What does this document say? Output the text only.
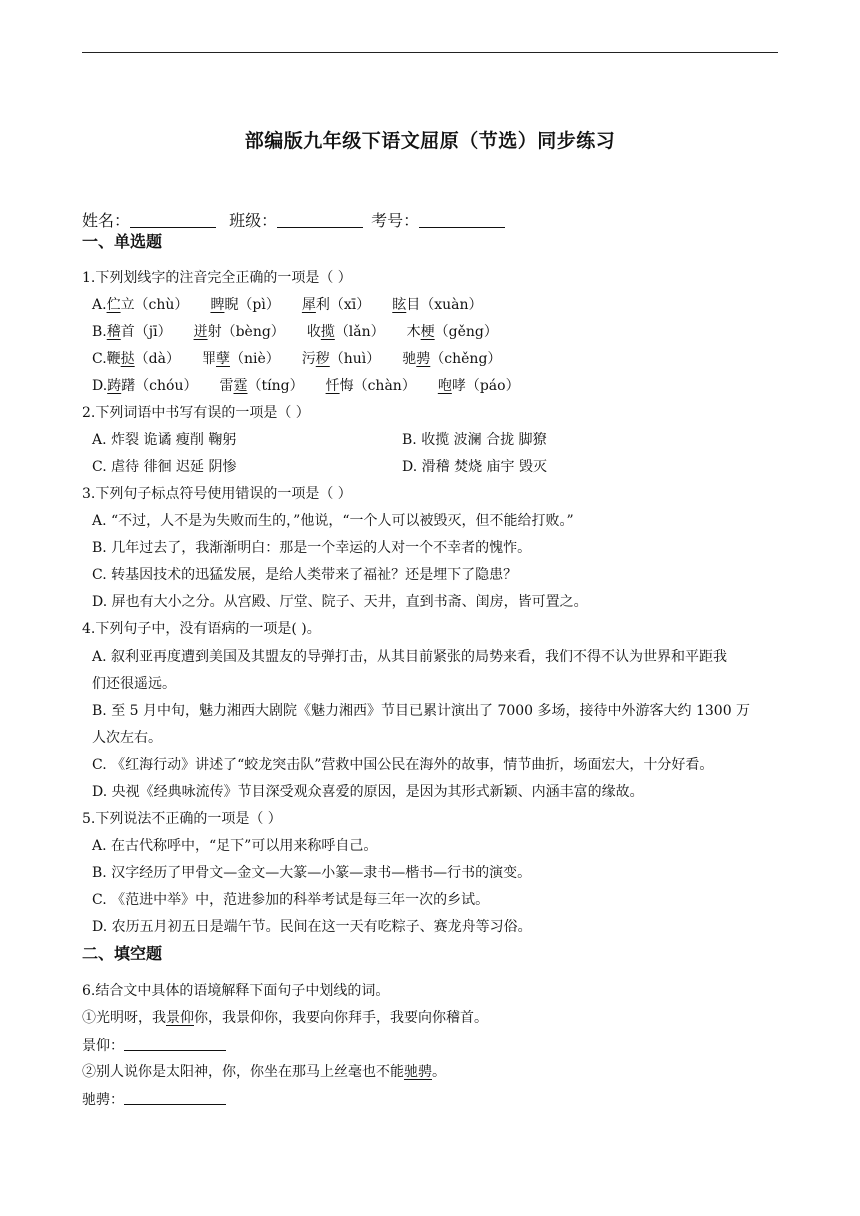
部编版九年级下语文屈原（节选）同步练习
姓名：	班级：	考号：
一、单选题
1.下列划线字的注音完全正确的一项是（ ）
A.伫立（chù） 睥睨（pì） 犀利（xī） 眩目（xuàn）
B.稽首（jī） 迸射（bèng） 收揽（lǎn） 木梗（gěng）
C.鞭挞（dà） 罪孽（niè） 污秽（huì） 驰骋（chěng）
D.踌躇（chóu） 雷霆（tíng） 忏悔（chàn） 咆哮（páo）
2.下列词语中书写有误的一项是（ ）
A. 炸裂 诡谲 瘦削 鞠躬	B. 收揽 波澜 合拢 脚獠
C. 虐待 徘徊 迟延 阴惨	D. 滑稽 焚烧 庙宇 毁灭
3.下列句子标点符号使用错误的一项是（ ）
A. “不过，人不是为失败而生的，”他说，“一个人可以被毁灭，但不能给打败。”
B. 几年过去了，我渐渐明白：那是一个幸运的人对一个不幸者的愧怍。
C. 转基因技术的迅猛发展，是给人类带来了福祉？还是埋下了隐患？
D. 屏也有大小之分。从宫殿、厅堂、院子、天井，直到书斋、闺房，皆可置之。
4.下列句子中，没有语病的一项是( )。
A. 叙利亚再度遭到美国及其盟友的导弹打击，从其目前紧张的局势来看，我们不得不认为世界和平距我
们还很遥远。
B. 至 5 月中旬，魅力湘西大剧院《魅力湘西》节目已累计演出了 7000 多场，接待中外游客大约 1300 万
人次左右。
C. 《红海行动》讲述了“蛟龙突击队”营救中国公民在海外的故事，情节曲折，场面宏大，十分好看。
D. 央视《经典咏流传》节目深受观众喜爱的原因，是因为其形式新颖、内涵丰富的缘故。
5.下列说法不正确的一项是（ ）
A. 在古代称呼中，“足下”可以用来称呼自己。
B. 汉字经历了甲骨文—金文—大篆—小篆—隶书—楷书—行书的演变。
C. 《范进中举》中，范进参加的科举考试是每三年一次的乡试。
D. 农历五月初五日是端午节。民间在这一天有吃粽子、赛龙舟等习俗。
二、填空题
6.结合文中具体的语境解释下面句子中划线的词。
①光明呀，我景仰你，我景仰你，我要向你拜手，我要向你稽首。
景仰：
②别人说你是太阳神，你，你坐在那马上丝毫也不能驰骋。
驰骋：
